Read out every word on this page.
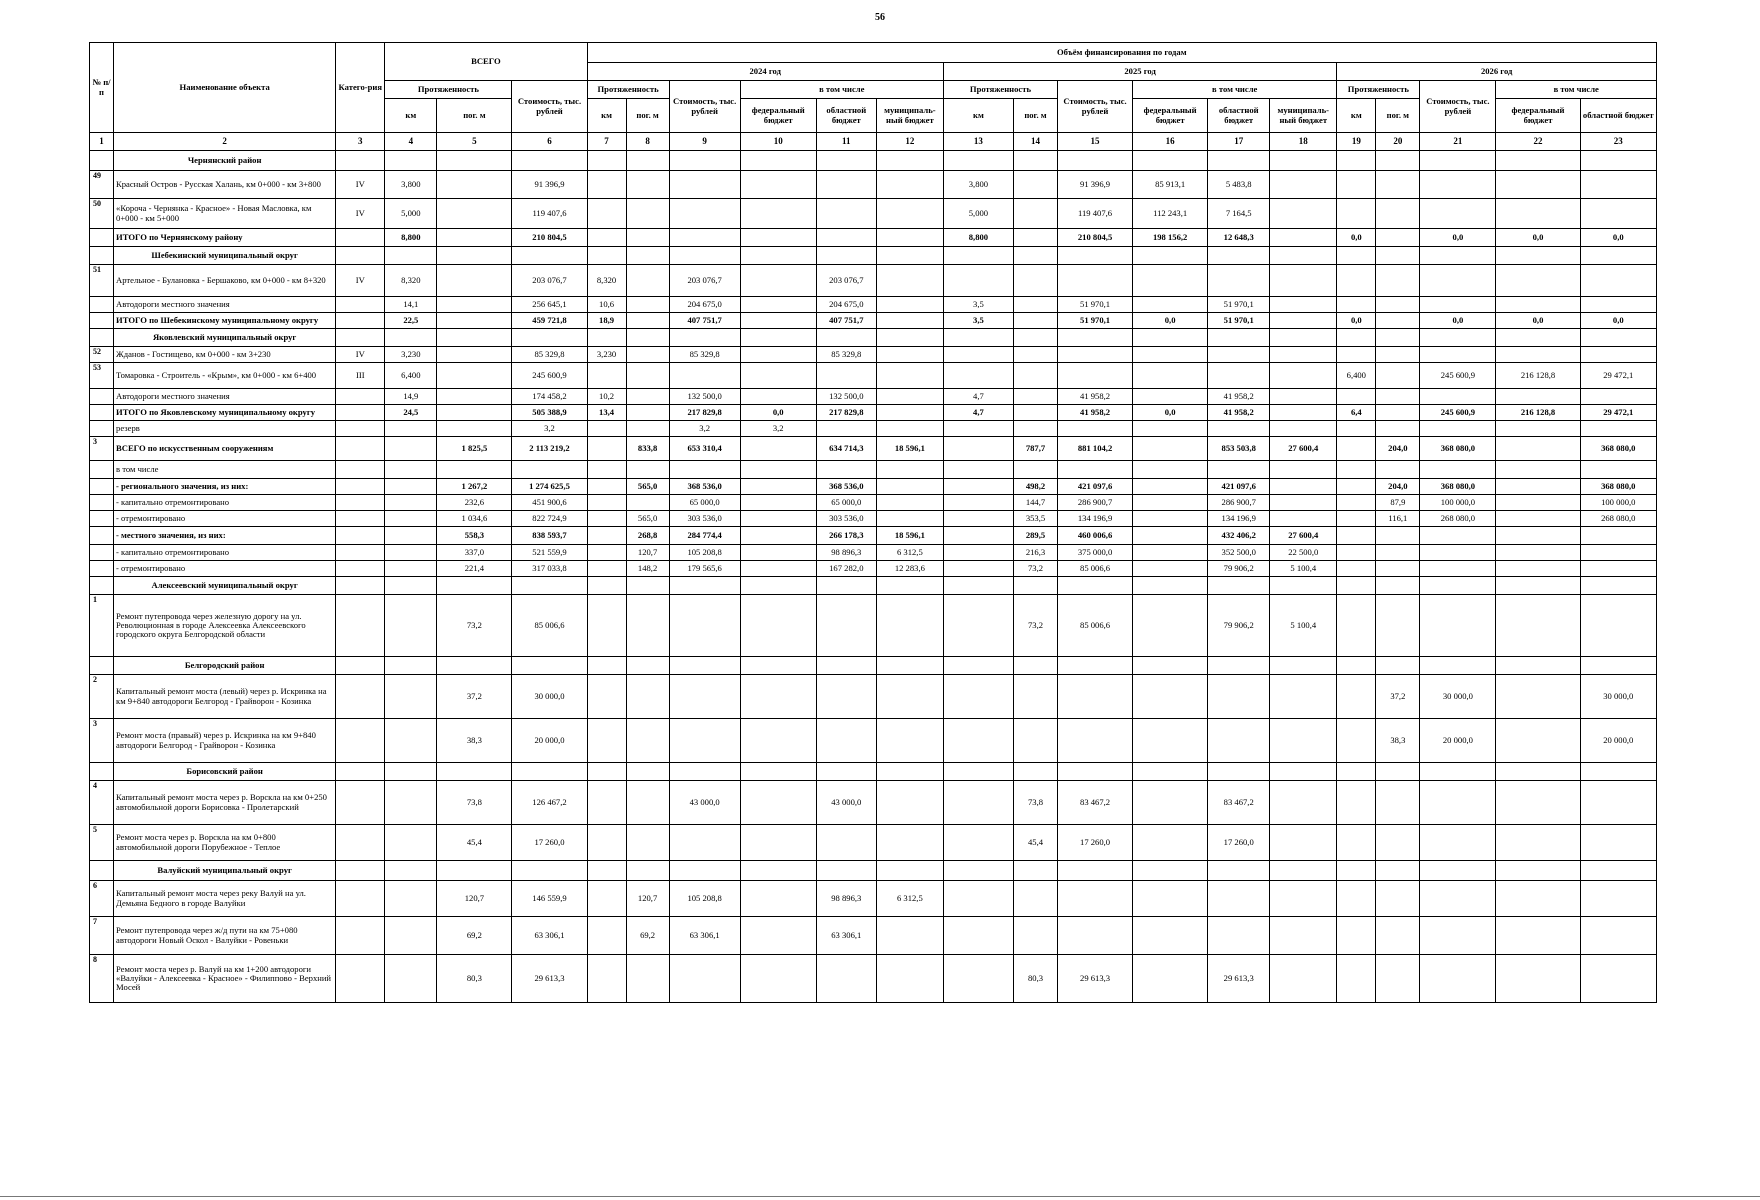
56
№ п/п	Наименование объекта	Катего-рия	ВСЕГО			Объём финансирования по годам																
						2024 год						2025 год						2026 год				
			Протяженность		Стоимость, тыс. рублей	Протяженность		Стоимость, тыс. рублей	в том числе			Протяженность		Стоимость, тыс. рублей	в том числе			Протяженность		Стоимость, тыс. рублей	в том числе	
			км	пог. м		км	пог. м		федеральный бюджет	областной бюджет	муниципаль-ный бюджет	км	пог. м		федеральный бюджет	областной бюджет	муниципаль-ный бюджет	км	пог. м		федеральный бюджет	областной бюджет
1	2	3	4	5	6	7	8	9	10	11	12	13	14	15	16	17	18	19	20	21	22	23
	Чернянский район																					
49	Красный Остров - Русская Халань, км 0+000 - км 3+800	IV	3,800		91 396,9							3,800		91 396,9	85 913,1	5 483,8						
50	«Короча - Чернянка - Красное» - Новая Масловка, км 0+000 - км 5+000	IV	5,000		119 407,6							5,000		119 407,6	112 243,1	7 164,5						
	ИТОГО по Чернянскому району		8,800		210 804,5							8,800		210 804,5	198 156,2	12 648,3		0,0		0,0	0,0	0,0
	Шебекинский муниципальный округ																					
51	Артельное - Булановка - Бершаково, км 0+000 - км 8+320	IV	8,320		203 076,7	8,320		203 076,7		203 076,7												
	Автодороги местного значения		14,1		256 645,1	10,6		204 675,0		204 675,0		3,5		51 970,1		51 970,1						
	ИТОГО по Шебекинскому муниципальному округу		22,5		459 721,8	18,9		407 751,7		407 751,7		3,5		51 970,1	0,0	51 970,1		0,0		0,0	0,0	0,0
	Яковлевский муниципальный округ																					
52	Жданов - Гостищево, км 0+000 - км 3+230	IV	3,230		85 329,8	3,230		85 329,8		85 329,8												
53	Томаровка - Строитель - «Крым», км 0+000 - км 6+400	III	6,400		245 600,9													6,400		245 600,9	216 128,8	29 472,1
	Автодороги местного значения		14,9		174 458,2	10,2		132 500,0		132 500,0		4,7		41 958,2		41 958,2						
	ИТОГО по Яковлевскому муниципальному округу		24,5		505 388,9	13,4		217 829,8	0,0	217 829,8		4,7		41 958,2	0,0	41 958,2		6,4		245 600,9	216 128,8	29 472,1
	резерв				3,2			3,2	3,2													
3	ВСЕГО по искусственным сооружениям			1 825,5	2 113 219,2		833,8	653 310,4		634 714,3	18 596,1		787,7	881 104,2		853 503,8	27 600,4		204,0	368 080,0		368 080,0
	в том числе																					
	- регионального значения, из них:			1 267,2	1 274 625,5		565,0	368 536,0		368 536,0			498,2	421 097,6		421 097,6			204,0	368 080,0		368 080,0
	- капитально отремонтировано			232,6	451 900,6			65 000,0		65 000,0			144,7	286 900,7		286 900,7			87,9	100 000,0		100 000,0
	- отремонтировано			1 034,6	822 724,9		565,0	303 536,0		303 536,0			353,5	134 196,9		134 196,9			116,1	268 080,0		268 080,0
	- местного значения, из них:			558,3	838 593,7		268,8	284 774,4		266 178,3	18 596,1		289,5	460 006,6		432 406,2	27 600,4					
	- капитально отремонтировано			337,0	521 559,9		120,7	105 208,8		98 896,3	6 312,5		216,3	375 000,0		352 500,0	22 500,0					
	- отремонтировано			221,4	317 033,8		148,2	179 565,6		167 282,0	12 283,6		73,2	85 006,6		79 906,2	5 100,4					
	Алексеевский муниципальный округ																					
1	Ремонт путепровода через железную дорогу на ул. Революционная в городе Алексеевка Алексеевского городского округа Белгородской области			73,2	85 006,6								73,2	85 006,6		79 906,2	5 100,4					
	Белгородский район																					
2	Капитальный ремонт моста (левый) через р. Искринка на км 9+840 автодороги Белгород - Грайворон - Козинка			37,2	30 000,0														37,2	30 000,0		30 000,0
3	Ремонт моста (правый) через р. Искринка на км 9+840 автодороги Белгород - Грайворон - Козинка			38,3	20 000,0														38,3	20 000,0		20 000,0
	Борисовский район																					
4	Капитальный ремонт моста через р. Ворскла на км 0+250 автомобильной дороги Борисовка - Пролетарский			73,8	126 467,2			43 000,0		43 000,0			73,8	83 467,2		83 467,2						
5	Ремонт моста через р. Ворскла на км 0+800 автомобильной дороги Порубежное - Теплое			45,4	17 260,0								45,4	17 260,0		17 260,0						
	Валуйский муниципальный округ																					
6	Капитальный ремонт моста через реку Валуй на ул. Демьяна Бедного в городе Валуйки			120,7	146 559,9		120,7	105 208,8		98 896,3	6 312,5											
7	Ремонт путепровода через ж/д пути на км 75+080 автодороги Новый Оскол - Валуйки - Ровеньки			69,2	63 306,1		69,2	63 306,1		63 306,1												
8	Ремонт моста через р. Валуй на км 1+200 автодороги «Валуйки - Алексеевка - Красное» - Филиппово - Верхний Мосей			80,3	29 613,3								80,3	29 613,3		29 613,3						
